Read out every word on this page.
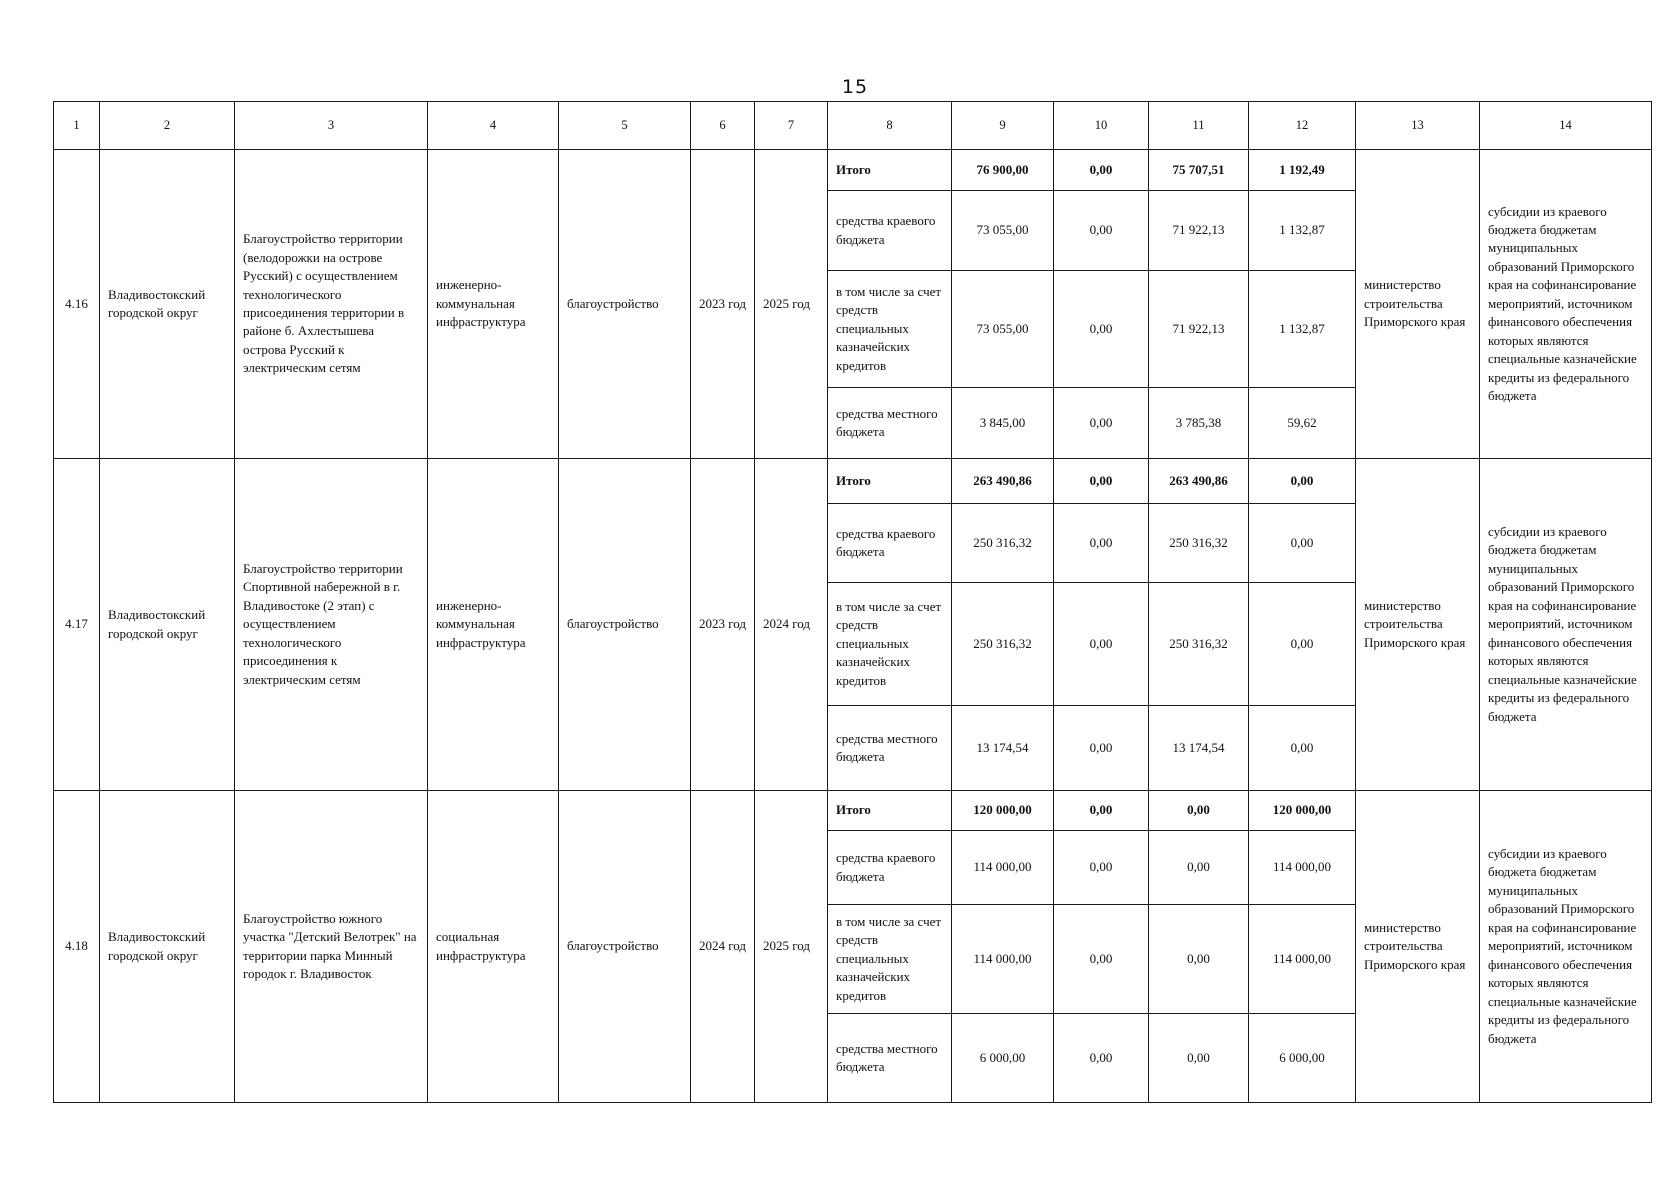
15
1	2	3	4	5	6	7	8	9	10	11	12	13	14
4.16	Владивостокский городской округ	Благоустройство территории (велодорожки на острове Русский) с осуществлением технологического присоединения территории в районе б. Ахлестышева острова Русский к электрическим сетям	инженерно-коммунальная инфраструктура	благоустройство	2023 год	2025 год	Итого	76 900,00	0,00	75 707,51	1 192,49	министерство строительства Приморского края	субсидии из краевого бюджета бюджетам муниципальных образований Приморского края на софинансирование мероприятий, источником финансового обеспечения которых являются специальные казначейские кредиты из федерального бюджета
							средства краевого бюджета	73 055,00	0,00	71 922,13	1 132,87		
							в том числе за счет средств специальных казначейских кредитов	73 055,00	0,00	71 922,13	1 132,87		
							средства местного бюджета	3 845,00	0,00	3 785,38	59,62		
4.17	Владивостокский городской округ	Благоустройство территории Спортивной набережной в г. Владивостоке (2 этап) с осуществлением технологического присоединения к электрическим сетям	инженерно-коммунальная инфраструктура	благоустройство	2023 год	2024 год	Итого	263 490,86	0,00	263 490,86	0,00	министерство строительства Приморского края	субсидии из краевого бюджета бюджетам муниципальных образований Приморского края на софинансирование мероприятий, источником финансового обеспечения которых являются специальные казначейские кредиты из федерального бюджета
							средства краевого бюджета	250 316,32	0,00	250 316,32	0,00		
							в том числе за счет средств специальных казначейских кредитов	250 316,32	0,00	250 316,32	0,00		
							средства местного бюджета	13 174,54	0,00	13 174,54	0,00		
4.18	Владивостокский городской округ	Благоустройство южного участка "Детский Велотрек" на территории парка Минный городок г. Владивосток	социальная инфраструктура	благоустройство	2024 год	2025 год	Итого	120 000,00	0,00	0,00	120 000,00	министерство строительства Приморского края	субсидии из краевого бюджета бюджетам муниципальных образований Приморского края на софинансирование мероприятий, источником финансового обеспечения которых являются специальные казначейские кредиты из федерального бюджета
							средства краевого бюджета	114 000,00	0,00	0,00	114 000,00		
							в том числе за счет средств специальных казначейских кредитов	114 000,00	0,00	0,00	114 000,00		
							средства местного бюджета	6 000,00	0,00	0,00	6 000,00		
